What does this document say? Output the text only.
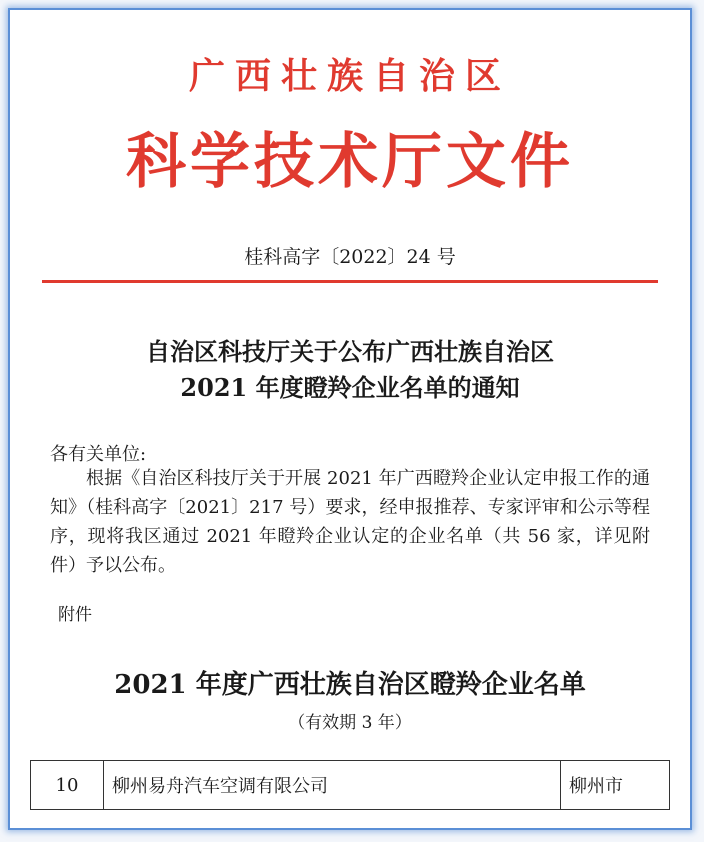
广西壮族自治区
科学技术厅文件
桂科高字〔2022〕24 号
自治区科技厅关于公布广西壮族自治区
2021 年度瞪羚企业名单的通知
各有关单位:
根据《自治区科技厅关于开展 2021 年广西瞪羚企业认定申报工作的通知》（桂科高字〔2021〕217 号）要求，经申报推荐、专家评审和公示等程序，现将我区通过 2021 年瞪羚企业认定的企业名单（共 56 家，详见附件）予以公布。
附件
2021 年度广西壮族自治区瞪羚企业名单
（有效期 3 年）
10	柳州易舟汽车空调有限公司	柳州市
